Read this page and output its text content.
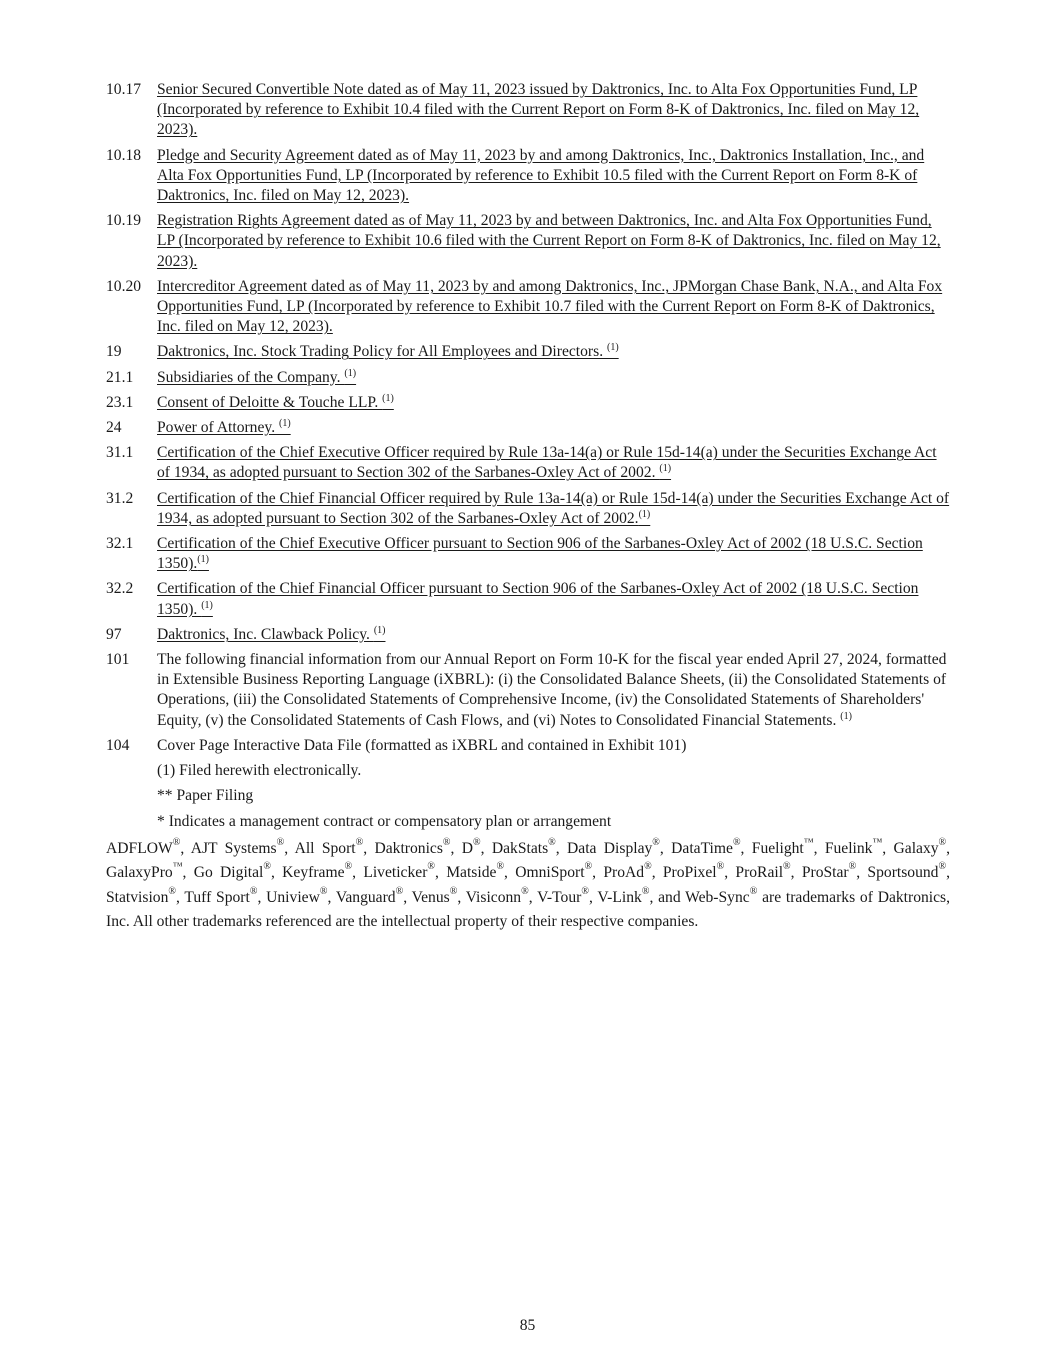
10.17	Senior Secured Convertible Note dated as of May 11, 2023 issued by Daktronics, Inc. to Alta Fox Opportunities Fund, LP (Incorporated by reference to Exhibit 10.4 filed with the Current Report on Form 8-K of Daktronics, Inc. filed on May 12, 2023).
10.18	Pledge and Security Agreement dated as of May 11, 2023 by and among Daktronics, Inc., Daktronics Installation, Inc., and Alta Fox Opportunities Fund, LP (Incorporated by reference to Exhibit 10.5 filed with the Current Report on Form 8-K of Daktronics, Inc. filed on May 12, 2023).
10.19	Registration Rights Agreement dated as of May 11, 2023 by and between Daktronics, Inc. and Alta Fox Opportunities Fund, LP (Incorporated by reference to Exhibit 10.6 filed with the Current Report on Form 8-K of Daktronics, Inc. filed on May 12, 2023).
10.20	Intercreditor Agreement dated as of May 11, 2023 by and among Daktronics, Inc., JPMorgan Chase Bank, N.A., and Alta Fox Opportunities Fund, LP (Incorporated by reference to Exhibit 10.7 filed with the Current Report on Form 8-K of Daktronics, Inc. filed on May 12, 2023).
19	Daktronics, Inc. Stock Trading Policy for All Employees and Directors. $^{(1)}$
21.1	Subsidiaries of the Company. $^{(1)}$
23.1	Consent of Deloitte & Touche LLP. $^{(1)}$
24	Power of Attorney. $^{(1)}$
31.1	Certification of the Chief Executive Officer required by Rule 13a-14(a) or Rule 15d-14(a) under the Securities Exchange Act of 1934, as adopted pursuant to Section 302 of the Sarbanes-Oxley Act of 2002. $^{(1)}$
31.2	Certification of the Chief Financial Officer required by Rule 13a-14(a) or Rule 15d-14(a) under the Securities Exchange Act of 1934, as adopted pursuant to Section 302 of the Sarbanes-Oxley Act of 2002.$^{(1)}$
32.1	Certification of the Chief Executive Officer pursuant to Section 906 of the Sarbanes-Oxley Act of 2002 (18 U.S.C. Section 1350).$^{(1)}$
32.2	Certification of the Chief Financial Officer pursuant to Section 906 of the Sarbanes-Oxley Act of 2002 (18 U.S.C. Section 1350). $^{(1)}$
97	Daktronics, Inc. Clawback Policy. $^{(1)}$
101	The following financial information from our Annual Report on Form 10-K for the fiscal year ended April 27, 2024, formatted in Extensible Business Reporting Language (iXBRL): (i) the Consolidated Balance Sheets, (ii) the Consolidated Statements of Operations, (iii) the Consolidated Statements of Comprehensive Income, (iv) the Consolidated Statements of Shareholders' Equity, (v) the Consolidated Statements of Cash Flows, and (vi) Notes to Consolidated Financial Statements. $^{(1)}$
104	Cover Page Interactive Data File (formatted as iXBRL and contained in Exhibit 101)
(1) Filed herewith electronically.
** Paper Filing
* Indicates a management contract or compensatory plan or arrangement

ADFLOW®, AJT Systems®, All Sport®, Daktronics®, D®, DakStats®, Data Display®, DataTime®, Fuelight™, Fuelink™, Galaxy®, GalaxyPro™, Go Digital®, Keyframe®, Liveticker®, Matside®, OmniSport®, ProAd®, ProPixel®, ProRail®, ProStar®, Sportsound®, Statvision®, Tuff Sport®, Uniview®, Vanguard®, Venus®, Visiconn®, V-Tour®, V-Link®, and Web-Sync® are trademarks of Daktronics, Inc. All other trademarks referenced are the intellectual property of their respective companies.

85
